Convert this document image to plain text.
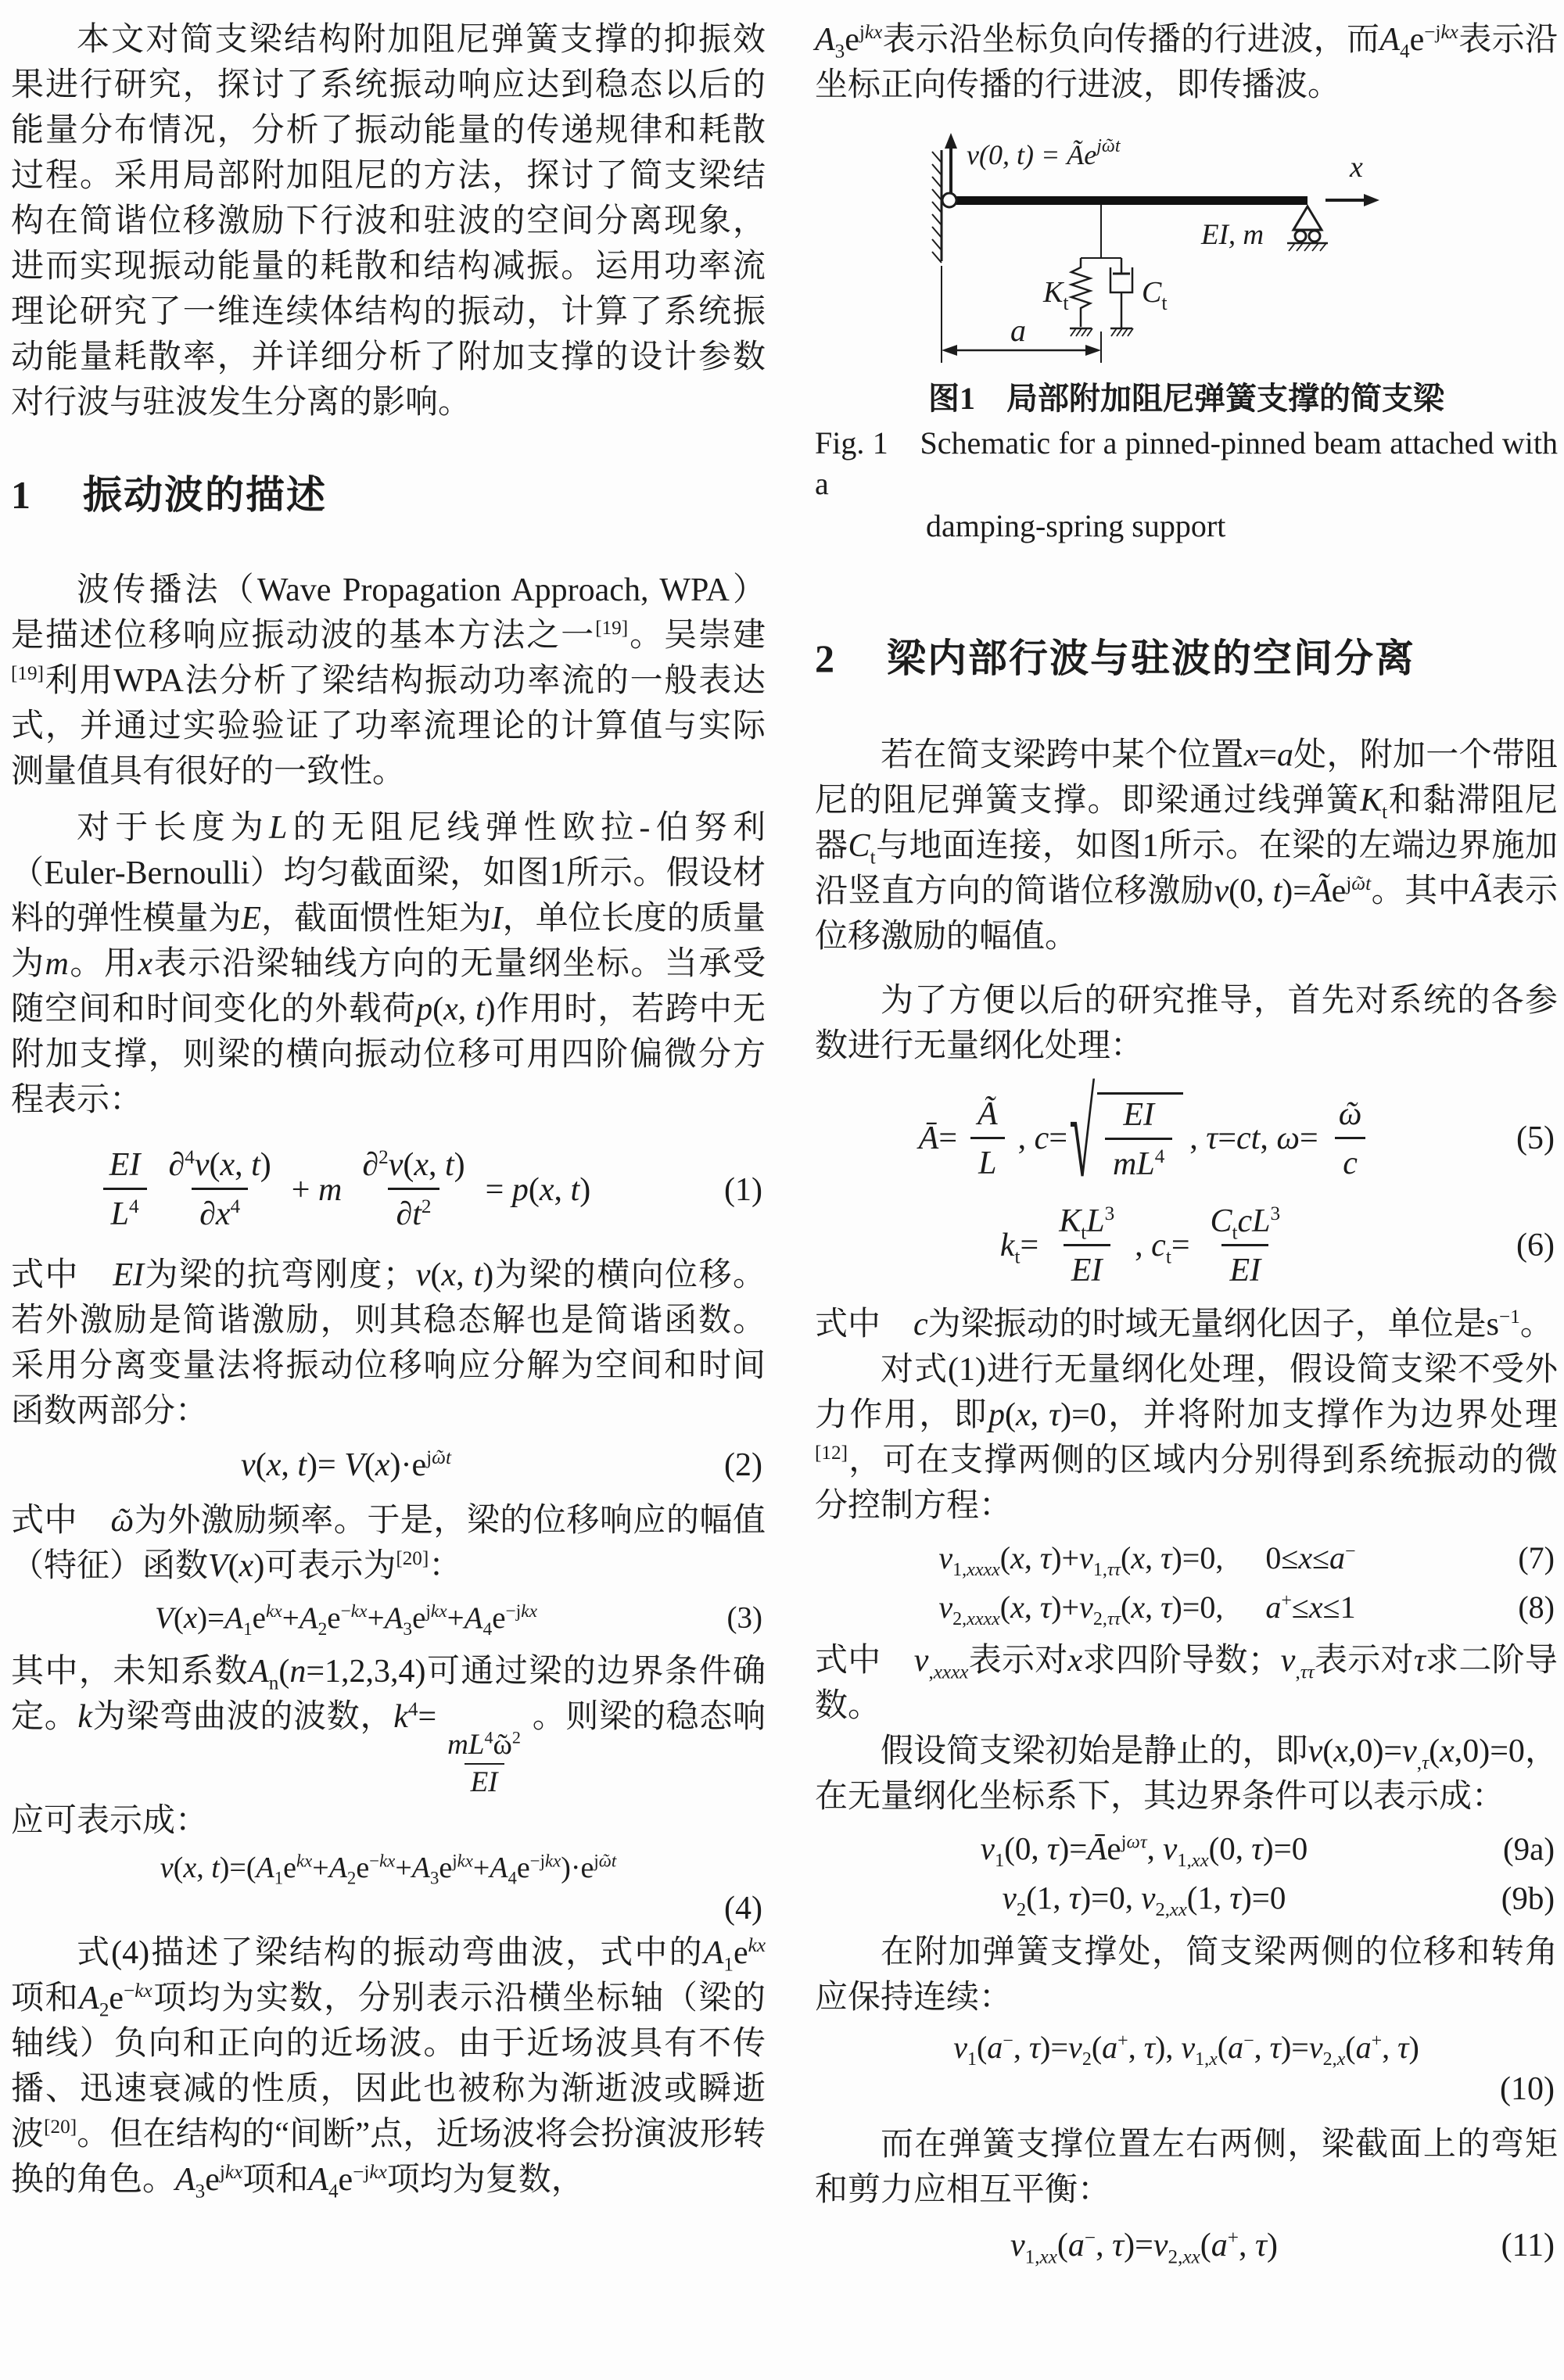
本文对简支梁结构附加阻尼弹簧支撑的抑振效果进行研究，探讨了系统振动响应达到稳态以后的能量分布情况，分析了振动能量的传递规律和耗散过程。采用局部附加阻尼的方法，探讨了简支梁结构在简谐位移激励下行波和驻波的空间分离现象，进而实现振动能量的耗散和结构减振。运用功率流理论研究了一维连续体结构的振动，计算了系统振动能量耗散率，并详细分析了附加支撑的设计参数对行波与驻波发生分离的影响。

1	振动波的描述

波传播法（Wave Propagation Approach, WPA）是描述位移响应振动波的基本方法之一[19]。吴崇建[19]利用WPA法分析了梁结构振动功率流的一般表达式，并通过实验验证了功率流理论的计算值与实际测量值具有很好的一致性。

对于长度为L的无阻尼线弹性欧拉-伯努利（Euler-Bernoulli）均匀截面梁，如图1所示。假设材料的弹性模量为E，截面惯性矩为I，单位长度的质量为m。用x表示沿梁轴线方向的无量纲坐标。当承受随空间和时间变化的外载荷p(x, t)作用时，若跨中无附加支撑，则梁的横向振动位移可用四阶偏微分方程表示：

$\frac{EI}{L^4} \frac{\partial^4v(x, t)}{\partial x^4} + m \frac{\partial^2v(x, t)}{\partial t^2} = p(x$, t)	(1)

式中　EI为梁的抗弯刚度；v(x, t)为梁的横向位移。若外激励是简谐激励，则其稳态解也是简谐函数。采用分离变量法将振动位移响应分解为空间和时间函数两部分：

v(x, $t)= V(x)\cdot e^{jῶt}$	(2)

式中　ῶ为外激励频率。于是，梁的位移响应的幅值（特征）函数V(x)可表示为[20]：

$V(x)=A_1e^{kx}+A_2e^{-kx}+A_3e^{jkx}+A_4e^{-jkx}$	(3)

其中，未知系数$A_n(n=1,2,3,4)$可通过梁的边界条件确定。k为梁弯曲波的波数，$k^4=$
$\frac{mL^4ῶ^2}{EI}$
。则梁的稳态响应可表示成：

v(x, $t)=(A_1e^{kx}+A_2e^{-kx}+A_3e^{jkx}+A_4e^{-jkx})\cdot e^{jῶt}$
(4)

式(4)描述了梁结构的振动弯曲波，式中的$A_1e^{kx}$项和$A_2e^{-kx}$项均为实数，分别表示沿横坐标轴（梁的轴线）负向和正向的近场波。由于近场波具有不传播、迅速衰减的性质，因此也被称为渐逝波或瞬逝波[20]。但在结构的“间断”点，近场波将会扮演波形转换的角色。$A_3e^{jkx}$项和$A_4e^{-jkx}$项均为复数，

$A_3e^{jkx}$表示沿坐标负向传播的行进波，而$A_4e^{-jkx}$表示沿坐标正向传播的行进波，即传播波。

v(0, $t) = Ãe^{jῶt}$
$K_t$ $C_t$
EI, m
x
a
图1　局部附加阻尼弹簧支撑的简支梁
Fig. 1　Schematic for a pinned-pinned beam attached with a
damping-spring support
2	梁内部行波与驻波的空间分离

若在简支梁跨中某个位置x=a处，附加一个带阻尼的阻尼弹簧支撑。即梁通过线弹簧$K_t$和黏滞阻尼器$C_t$与地面连接，如图1所示。在梁的左端边界施加沿竖直方向的简谐位移激励v(0, $t)=Ãe^{jῶt}$。其中Ã表示位移激励的幅值。

为了方便以后的研究推导，首先对系统的各参数进行无量纲化处理：

Ā= $\frac{Ã}{L}$ , c= √ $\frac{EI}{mL^4}$ , τ=ct, $\omega= \frac{\text{ῶ}}{c}$	(5)
$k_t= \frac{K_tL^3}{EI}$ , $c_t= \frac{C_tcL^3}{EI}$	(6)

式中　c为梁振动的时域无量纲化因子，单位是$s^{-1}$。

对式(1)进行无量纲化处理，假设简支梁不受外力作用，即p(x, τ)=0，并将附加支撑作为边界处理[12]，可在支撑两侧的区域内分别得到系统振动的微分控制方程：

$v_{1,xxxx}(x$, $\tau)+v_{1,\tau\tau}(x$, τ)=0, 0≤x≤a−	(7)
$v_{2,xxxx}(x$, $\tau)+v_{2,\tau\tau}(x$, τ)=0, a+≤x≤1	(8)

式中　$v_{,xxxx}$表示对x求四阶导数；$v_{,\tau\tau}$表示对τ求二阶导数。

假设简支梁初始是静止的，即$v(x,0)=v_{,\tau}(x,0)=0$，在无量纲化坐标系下，其边界条件可以表示成：

$v_1(0$, $\tau)=Āe^{j\omega\tau}$, $v_{1,xx}(0$, τ)=0	(9a)
$v_2(1$, τ)=0, $v_{2,xx}(1$, τ)=0	(9b)

在附加弹簧支撑处，简支梁两侧的位移和转角应保持连续：

$v_1(a^-$, $\tau)=v_2(a^+$, τ), $v_{1,x}(a^-$, $\tau)=v_{2,x}(a^+$, τ)
(10)

而在弹簧支撑位置左右两侧，梁截面上的弯矩和剪力应相互平衡：

$v_{1,xx}(a^-$, $\tau)=v_{2,xx}(a^+$, τ)	(11)
